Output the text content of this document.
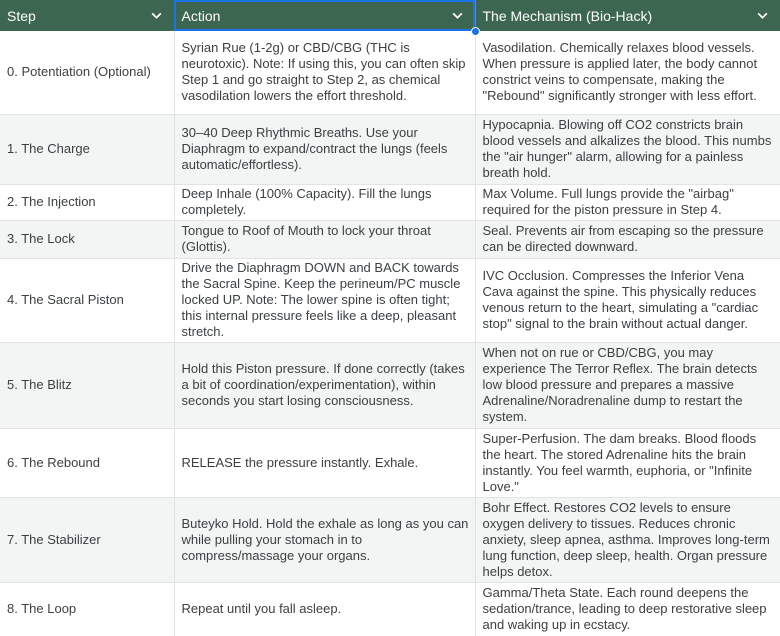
Step	Action	The Mechanism (Bio-Hack)

0. Potentiation (Optional)	Syrian Rue (1-2g) or CBD/CBG (THC is neurotoxic). Note: If using this, you can often skip Step 1 and go straight to Step 2, as chemical vasodilation lowers the effort threshold.	Vasodilation. Chemically relaxes blood vessels. When pressure is applied later, the body cannot constrict veins to compensate, making the "Rebound" significantly stronger with less effort.
1. The Charge	30–40 Deep Rhythmic Breaths. Use your Diaphragm to expand/contract the lungs (feels automatic/effortless).	Hypocapnia. Blowing off CO2 constricts brain blood vessels and alkalizes the blood. This numbs the "air hunger" alarm, allowing for a painless breath hold.
2. The Injection	Deep Inhale (100% Capacity). Fill the lungs completely.	Max Volume. Full lungs provide the "airbag" required for the piston pressure in Step 4.
3. The Lock	Tongue to Roof of Mouth to lock your throat (Glottis).	Seal. Prevents air from escaping so the pressure can be directed downward.
4. The Sacral Piston	Drive the Diaphragm DOWN and BACK towards the Sacral Spine. Keep the perineum/PC muscle locked UP. Note: The lower spine is often tight; this internal pressure feels like a deep, pleasant stretch.	IVC Occlusion. Compresses the Inferior Vena Cava against the spine. This physically reduces venous return to the heart, simulating a "cardiac stop" signal to the brain without actual danger.
5. The Blitz	Hold this Piston pressure. If done correctly (takes a bit of coordination/experimentation), within seconds you start losing consciousness.	When not on rue or CBD/CBG, you may experience The Terror Reflex. The brain detects low blood pressure and prepares a massive Adrenaline/Noradrenaline dump to restart the system.
6. The Rebound	RELEASE the pressure instantly. Exhale.	Super-Perfusion. The dam breaks. Blood floods the heart. The stored Adrenaline hits the brain instantly. You feel warmth, euphoria, or "Infinite Love."
7. The Stabilizer	Buteyko Hold. Hold the exhale as long as you can while pulling your stomach in to compress/massage your organs.	Bohr Effect. Restores CO2 levels to ensure oxygen delivery to tissues. Reduces chronic anxiety, sleep apnea, asthma. Improves long-term lung function, deep sleep, health. Organ pressure helps detox.
8. The Loop	Repeat until you fall asleep.	Gamma/Theta State. Each round deepens the sedation/trance, leading to deep restorative sleep and waking up in ecstacy.
